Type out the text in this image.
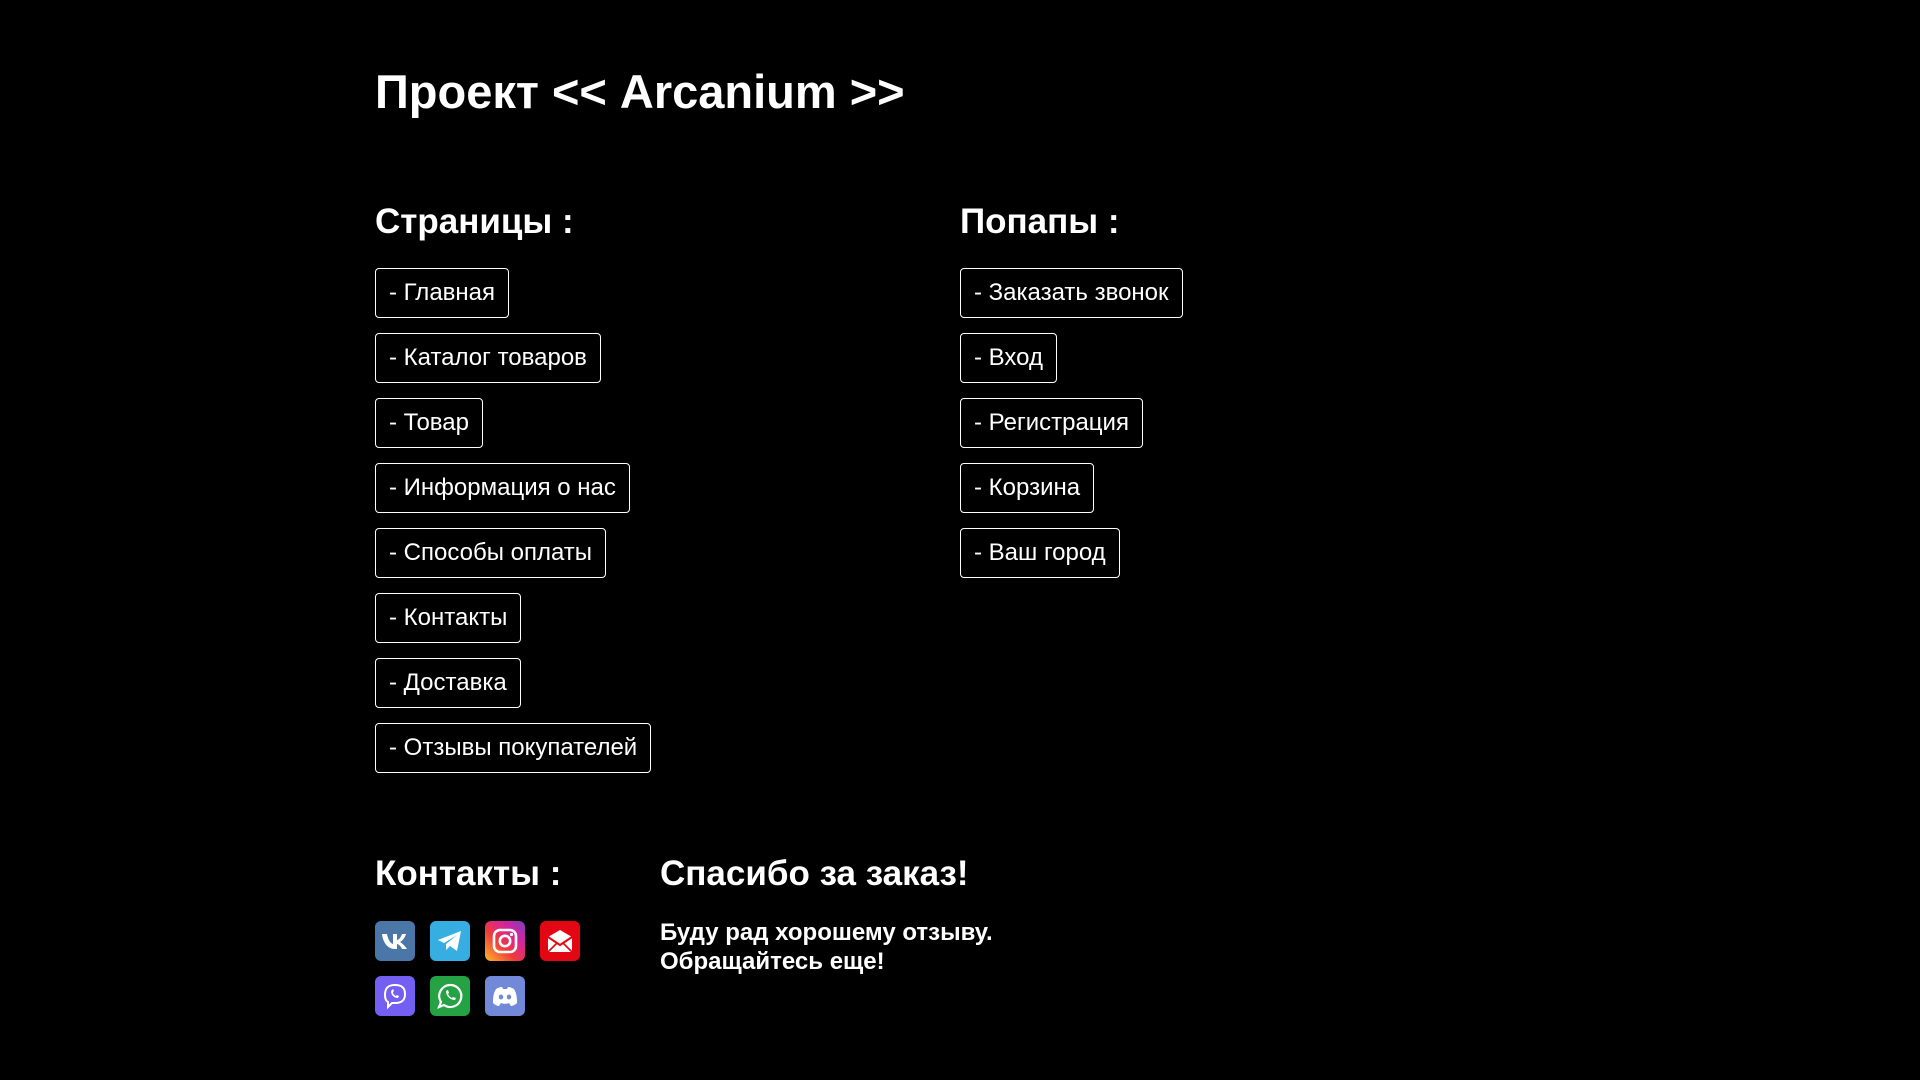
Проект << Arcanium >>
Страницы :
- Главная
- Каталог товаров
- Товар
- Информация о нас
- Способы оплаты
- Контакты
- Доставка
- Отзывы покупателей
Попапы :
- Заказать звонок
- Вход
- Регистрация
- Корзина
- Ваш город
Контакты :	Спасибо за заказ!

Буду рад хорошему отзыву.
Обращайтесь еще!
